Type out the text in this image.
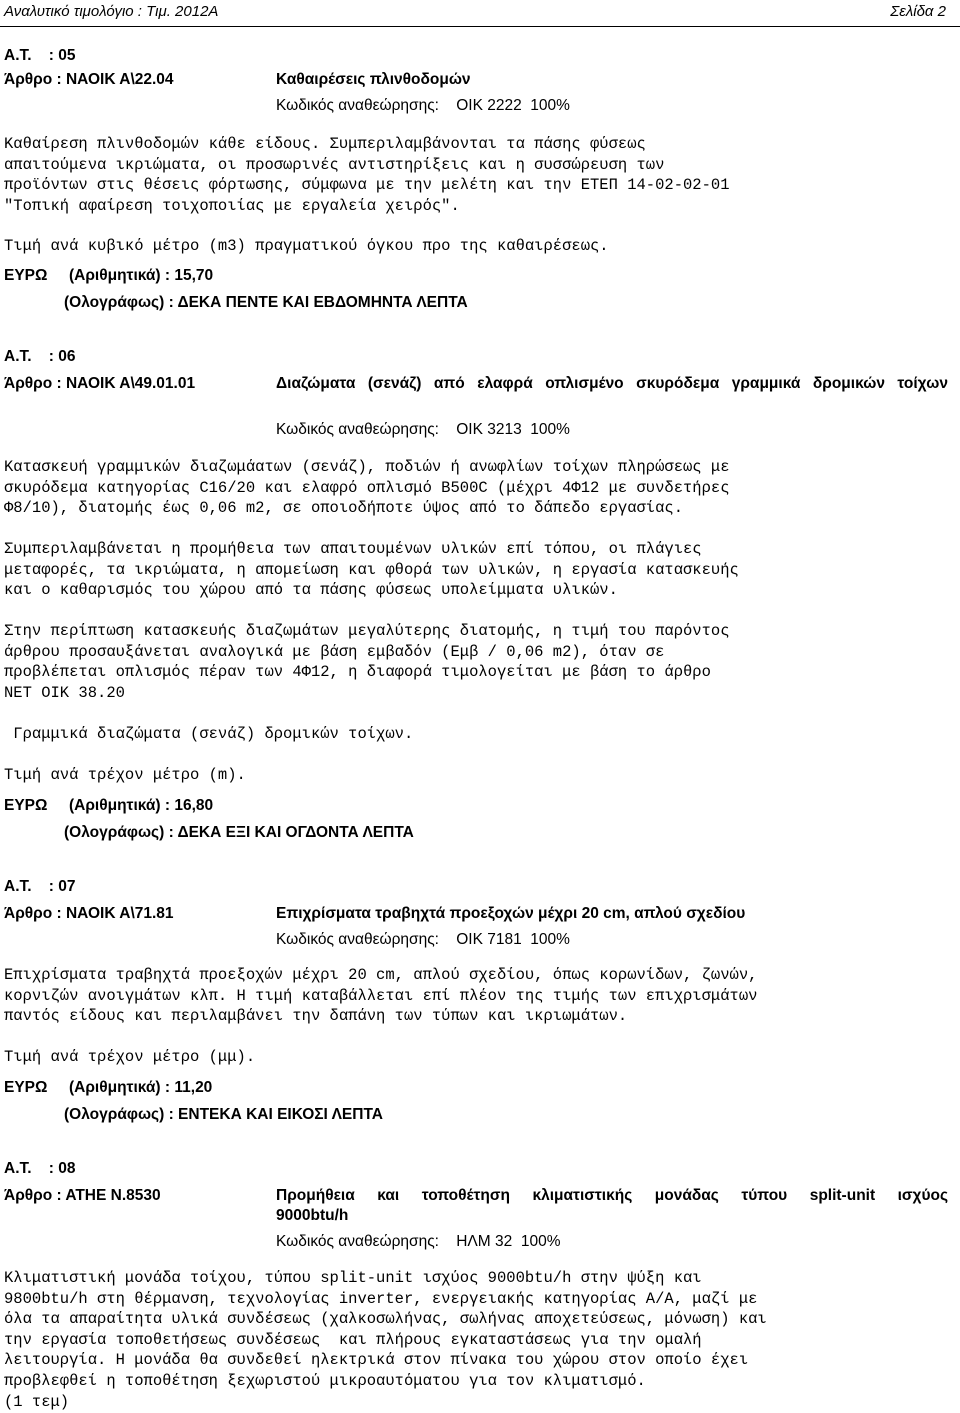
Αναλυτικό τιμολόγιο : Τιμ. 2012Α	Σελίδα 2
Α.Τ.    : 05
Άρθρο : ΝΑΟΙΚ Α\22.04	Καθαιρέσεις πλινθοδομών
Κωδικός αναθεώρησης:    ΟΙΚ 2222  100%
Καθαίρεση πλινθοδομών κάθε είδους. Συμπεριλαμβάνονται τα πάσης φύσεως
απαιτούμενα ικριώματα, οι προσωρινές αντιστηρίξεις και η συσσώρευση των
προϊόντων στις θέσεις φόρτωσης, σύμφωνα με την μελέτη και την ΕΤΕΠ 14-02-02-01
"Τοπική αφαίρεση τοιχοποιίας με εργαλεία χειρός".
Τιμή ανά κυβικό μέτρο (m3) πραγματικού όγκου προ της καθαιρέσεως.
ΕΥΡΩ     (Αριθμητικά) : 15,70
(Ολογράφως) : ΔΕΚΑ ΠΕΝΤΕ ΚΑΙ ΕΒΔΟΜΗΝΤΑ ΛΕΠΤΑ
Α.Τ.    : 06
Άρθρο : ΝΑΟΙΚ Α\49.01.01	Διαζώματα (σενάζ) από ελαφρά οπλισμένο σκυρόδεμα γραμμικά δρομικών τοίχων
Κωδικός αναθεώρησης:    ΟΙΚ 3213  100%
Κατασκευή γραμμικών διαζωμάατων (σενάζ), ποδιών ή ανωφλίων τοίχων πληρώσεως με
σκυρόδεμα κατηγορίας C16/20 και ελαφρό οπλισμό B500C (μέχρι 4Φ12 με συνδετήρες
Φ8/10), διατομής έως 0,06 m2, σε οποιοδήποτε ύψος από το δάπεδο εργασίας.
Συμπεριλαμβάνεται η προμήθεια των απαιτουμένων υλικών επί τόπου, οι πλάγιες
μεταφορές, τα ικριώματα, η απομείωση και φθορά των υλικών, η εργασία κατασκευής
και ο καθαρισμός του χώρου από τα πάσης φύσεως υπολείμματα υλικών.
Στην περίπτωση κατασκευής διαζωμάτων μεγαλύτερης διατομής, η τιμή του παρόντος
άρθρου προσαυξάνεται αναλογικά με βάση εμβαδόν (Εμβ / 0,06 m2), όταν σε
προβλέπεται οπλισμός πέραν των 4Φ12, η διαφορά τιμολογείται με βάση το άρθρο
ΝΕΤ ΟΙΚ 38.20
Γραμμικά διαζώματα (σενάζ) δρομικών τοίχων.
Τιμή ανά τρέχον μέτρο (m).
ΕΥΡΩ     (Αριθμητικά) : 16,80
(Ολογράφως) : ΔΕΚΑ ΕΞΙ ΚΑΙ ΟΓΔΟΝΤΑ ΛΕΠΤΑ
Α.Τ.    : 07
Άρθρο : ΝΑΟΙΚ Α\71.81	Επιχρίσματα τραβηχτά προεξοχών μέχρι 20 cm, απλού σχεδίου
Κωδικός αναθεώρησης:    ΟΙΚ 7181  100%
Επιχρίσματα τραβηχτά προεξοχών μέχρι 20 cm, απλού σχεδίου, όπως κορωνίδων, ζωνών,
κορνιζών ανοιγμάτων κλπ. Η τιμή καταβάλλεται επί πλέον της τιμής των επιχρισμάτων
παντός είδους και περιλαμβάνει την δαπάνη των τύπων και ικριωμάτων.
Τιμή ανά τρέχον μέτρο (μμ).
ΕΥΡΩ     (Αριθμητικά) : 11,20
(Ολογράφως) : ΕΝΤΕΚΑ ΚΑΙ ΕΙΚΟΣΙ ΛΕΠΤΑ
Α.Τ.    : 08
Άρθρο : ΑΤΗΕ Ν.8530	Προμήθεια και τοποθέτηση κλιματιστικής μονάδας τύπου split-unit ισχύος
9000btu/h
Κωδικός αναθεώρησης:    ΗΛΜ 32  100%
Κλιματιστική μονάδα τοίχου, τύπου split-unit ισχύος 9000btu/h στην ψύξη και
9800btu/h στη θέρμανση, τεχνολογίας inverter, ενεργειακής κατηγορίας Α/Α, μαζί με
όλα τα απαραίτητα υλικά συνδέσεως (χαλκοσωλήνας, σωλήνας αποχετεύσεως, μόνωση) και
την εργασία τοποθετήσεως συνδέσεως  και πλήρους εγκαταστάσεως για την ομαλή
λειτουργία. Η μονάδα θα συνδεθεί ηλεκτρικά στον πίνακα του χώρου στον οποίο έχει
προβλεφθεί η τοποθέτηση ξεχωριστού μικροαυτόματου για τον κλιματισμό.
(1 τεμ)
